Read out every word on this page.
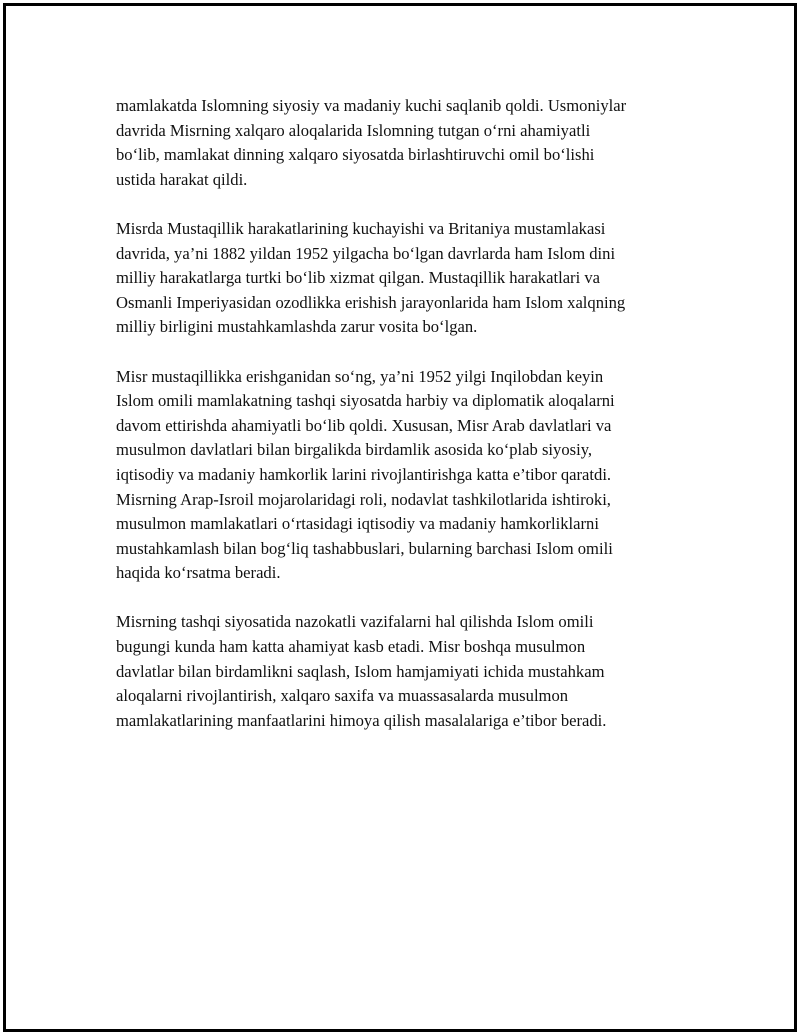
mamlakatda Islomning siyosiy va madaniy kuchi saqlanib qoldi. Usmoniylar
davrida Misrning xalqaro aloqalarida Islomning tutgan o‘rni ahamiyatli
bo‘lib, mamlakat dinning xalqaro siyosatda birlashtiruvchi omil bo‘lishi
ustida harakat qildi.

Misrda Mustaqillik harakatlarining kuchayishi va Britaniya mustamlakasi
davrida, ya’ni 1882 yildan 1952 yilgacha bo‘lgan davrlarda ham Islom dini
milliy harakatlarga turtki bo‘lib xizmat qilgan. Mustaqillik harakatlari va
Osmanli Imperiyasidan ozodlikka erishish jarayonlarida ham Islom xalqning
milliy birligini mustahkamlashda zarur vosita bo‘lgan.

Misr mustaqillikka erishganidan so‘ng, ya’ni 1952 yilgi Inqilobdan keyin
Islom omili mamlakatning tashqi siyosatda harbiy va diplomatik aloqalarni
davom ettirishda ahamiyatli bo‘lib qoldi. Xususan, Misr Arab davlatlari va
musulmon davlatlari bilan birgalikda birdamlik asosida ko‘plab siyosiy,
iqtisodiy va madaniy hamkorlik larini rivojlantirishga katta e’tibor qaratdi.
Misrning Arap-Isroil mojarolaridagi roli, nodavlat tashkilotlarida ishtiroki,
musulmon mamlakatlari o‘rtasidagi iqtisodiy va madaniy hamkorliklarni
mustahkamlash bilan bog‘liq tashabbuslari, bularning barchasi Islom omili
haqida ko‘rsatma beradi.

Misrning tashqi siyosatida nazokatli vazifalarni hal qilishda Islom omili
bugungi kunda ham katta ahamiyat kasb etadi. Misr boshqa musulmon
davlatlar bilan birdamlikni saqlash, Islom hamjamiyati ichida mustahkam
aloqalarni rivojlantirish, xalqaro saxifa va muassasalarda musulmon
mamlakatlarining manfaatlarini himoya qilish masalalariga e’tibor beradi.
